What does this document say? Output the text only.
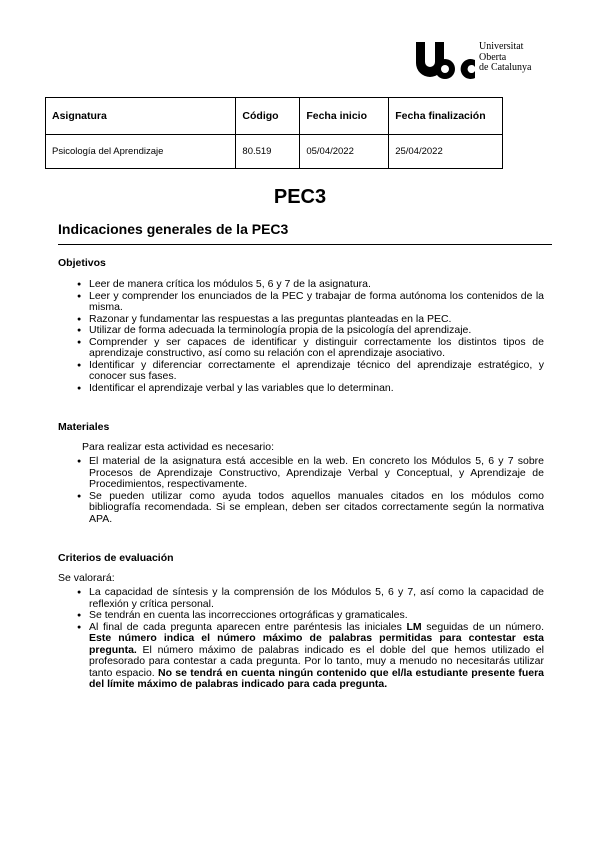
Universitat
Oberta
de Catalunya
Asignatura	Código	Fecha inicio	Fecha finalización
Psicología del Aprendizaje	80.519	05/04/2022	25/04/2022
PEC3
Indicaciones generales de la PEC3
Objetivos
● Leer de manera crítica los módulos 5, 6 y 7 de la asignatura.
● Leer y comprender los enunciados de la PEC y trabajar de forma autónoma los contenidos de la misma.
● Razonar y fundamentar las respuestas a las preguntas planteadas en la PEC.
● Utilizar de forma adecuada la terminología propia de la psicología del aprendizaje.
● Comprender y ser capaces de identificar y distinguir correctamente los distintos tipos de aprendizaje constructivo, así como su relación con el aprendizaje asociativo.
● Identificar y diferenciar correctamente el aprendizaje técnico del aprendizaje estratégico, y conocer sus fases.
● Identificar el aprendizaje verbal y las variables que lo determinan.
Materiales
Para realizar esta actividad es necesario:
● El material de la asignatura está accesible en la web. En concreto los Módulos 5, 6 y 7 sobre Procesos de Aprendizaje Constructivo, Aprendizaje Verbal y Conceptual, y Aprendizaje de Procedimientos, respectivamente.
● Se pueden utilizar como ayuda todos aquellos manuales citados en los módulos como bibliografía recomendada. Si se emplean, deben ser citados correctamente según la normativa APA.
Criterios de evaluación
Se valorará:
● La capacidad de síntesis y la comprensión de los Módulos 5, 6 y 7, así como la capacidad de reflexión y crítica personal.
● Se tendrán en cuenta las incorrecciones ortográficas y gramaticales.
● Al final de cada pregunta aparecen entre paréntesis las iniciales LM seguidas de un número. Este número indica el número máximo de palabras permitidas para contestar esta pregunta. El número máximo de palabras indicado es el doble del que hemos utilizado el profesorado para contestar a cada pregunta. Por lo tanto, muy a menudo no necesitarás utilizar tanto espacio. No se tendrá en cuenta ningún contenido que el/la estudiante presente fuera del límite máximo de palabras indicado para cada pregunta.
